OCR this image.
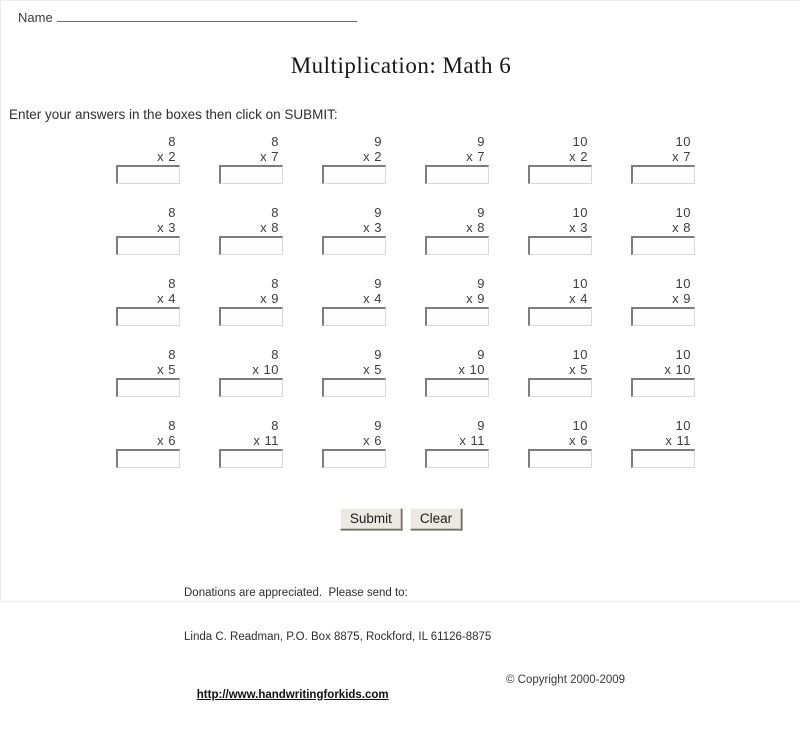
Name
Multiplication: Math 6
Enter your answers in the boxes then click on SUBMIT:
8
x 2
8
x 7
9
x 2
9
x 7
10
x 2
10
x 7
8
x 3
8
x 8
9
x 3
9
x 8
10
x 3
10
x 8
8
x 4
8
x 9
9
x 4
9
x 9
10
x 4
10
x 9
8
x 5
8
x 10
9
x 5
9
x 10
10
x 5
10
x 10
8
x 6
8
x 11
9
x 6
9
x 11
10
x 6
10
x 11
Submit	Clear

Donations are appreciated.  Please send to:

Linda C. Readman, P.O. Box 8875, Rockford, IL 61126-8875

http://www.handwritingforkids.com

© Copyright 2000-2009
